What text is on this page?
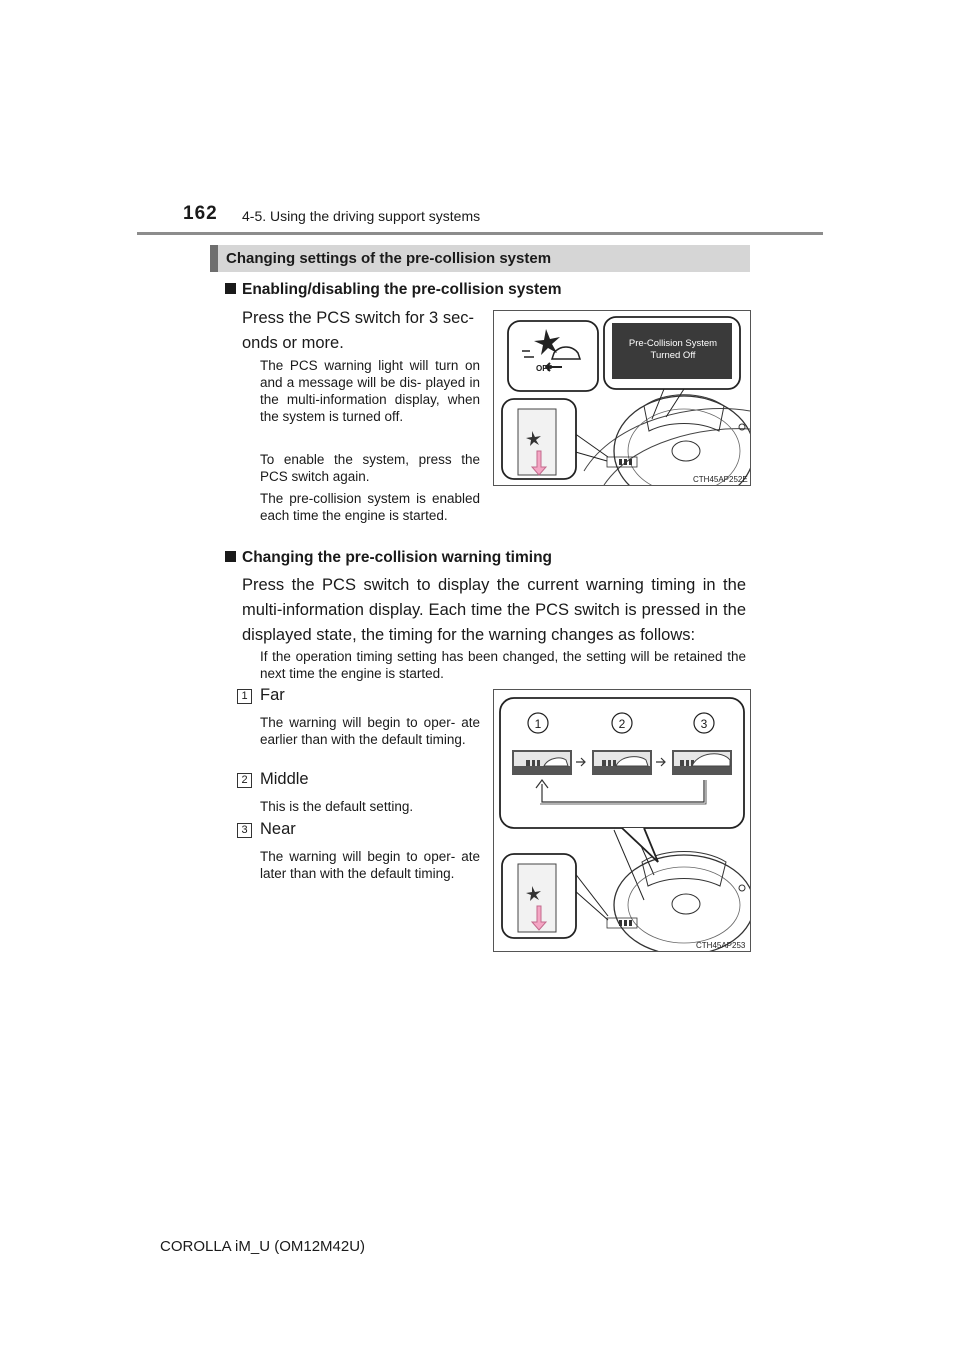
162 4-5. Using the driving support systems
Changing settings of the pre-collision system
Enabling/disabling the pre-collision system
Press the PCS switch for 3 sec-
onds or more.
The PCS warning light will turn on and a message will be dis- played in the multi-information display, when the system is turned off.
To enable the system, press the PCS switch again.
The pre-collision system is enabled each time the engine is started.
Pre-Collision System
Turned Off
OFF
CTH45AP252E
Changing the pre-collision warning timing
Press the PCS switch to display the current warning timing in the multi-information display. Each time the PCS switch is pressed in the displayed state, the timing for the warning changes as follows:
If the operation timing setting has been changed, the setting will be retained the next time the engine is started.
1 Far
The warning will begin to oper- ate earlier than with the default timing.
2 Middle
This is the default setting.
3 Near
The warning will begin to oper- ate later than with the default timing.
1	2	3
CTH45AP253
COROLLA iM_U (OM12M42U)
